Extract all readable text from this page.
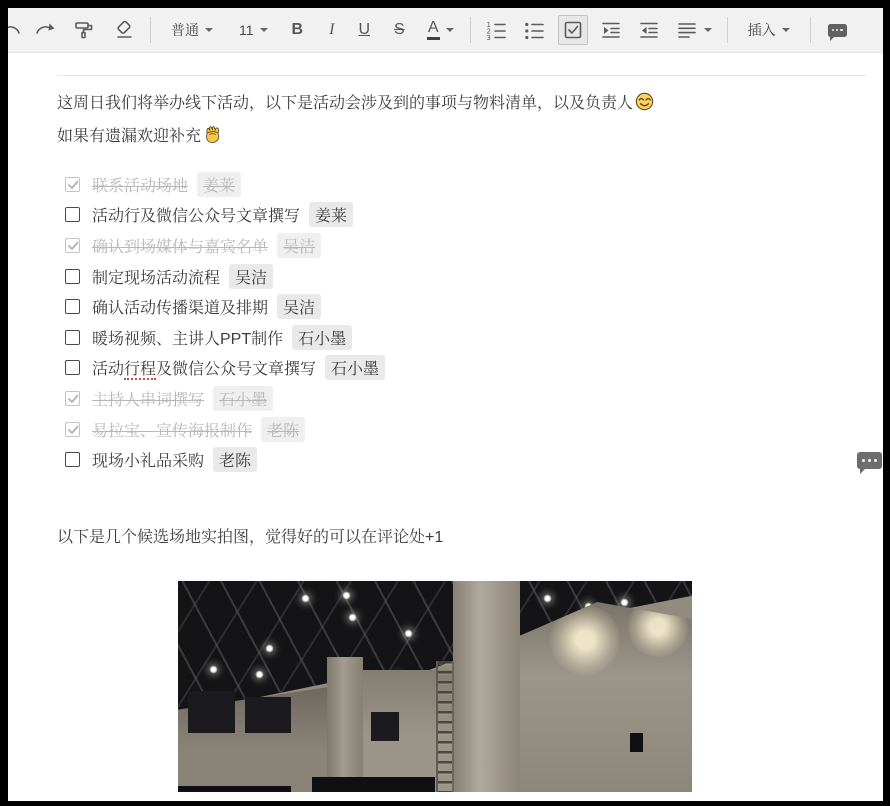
普通	11 B I U S A	1
2
3
插入
这周日我们将举办线下活动，以下是活动会涉及到的事项与物料清单，以及负责人
如果有遗漏欢迎补充
联系活动场地 姜莱
活动行及微信公众号文章撰写 姜莱
确认到场媒体与嘉宾名单 吴洁
制定现场活动流程 吴洁
确认活动传播渠道及排期 吴洁
暖场视频、主讲人PPT制作 石小墨
活动行程及微信公众号文章撰写 石小墨
主持人串词撰写 石小墨
易拉宝、宣传海报制作 老陈
现场小礼品采购 老陈
以下是几个候选场地实拍图，觉得好的可以在评论处+1
